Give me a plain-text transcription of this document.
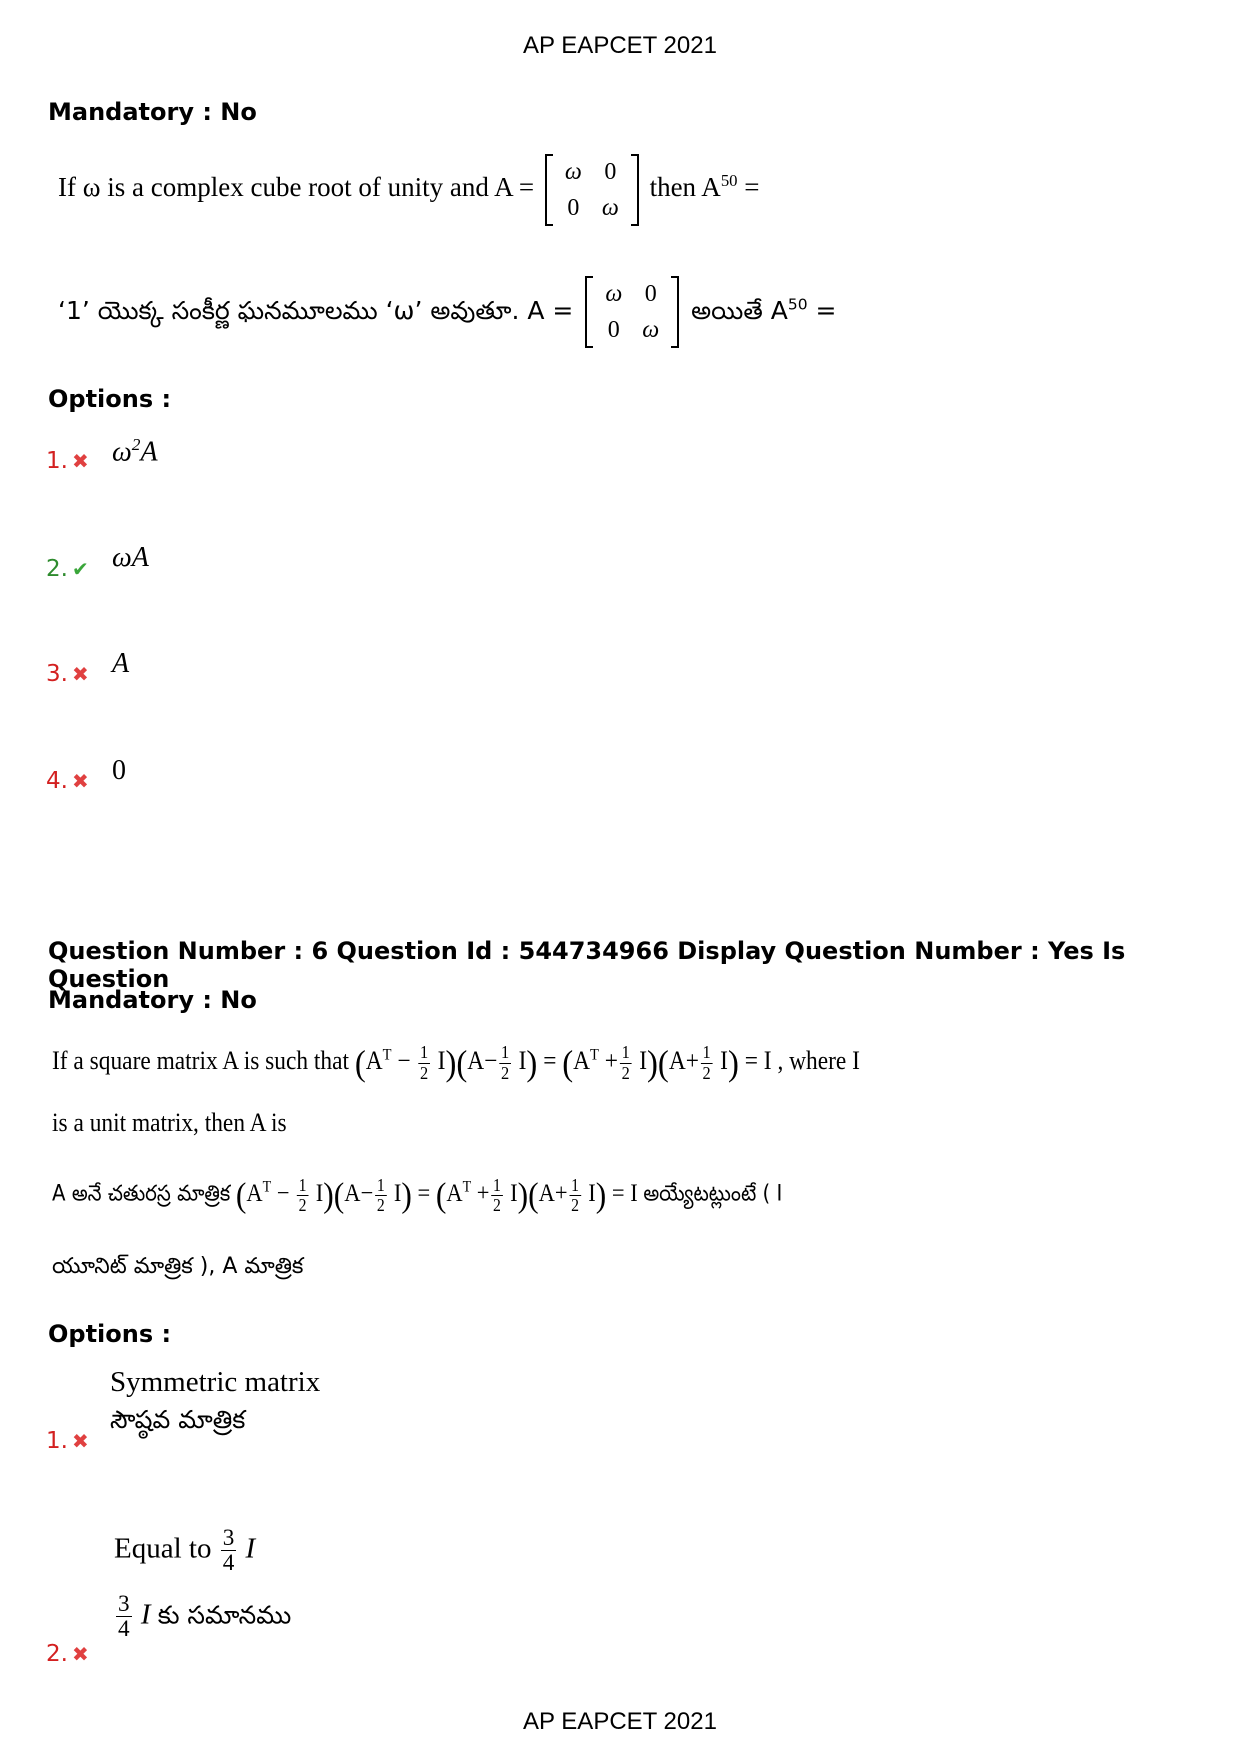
AP EAPCET 2021
Mandatory : No
If ω is a complex cube root of unity and A =
ω	0
0	ω
then $A^{50}$ =
‘1’ యొక్క సంకీర్ణ ఘనమూలము ‘ω’ అవుతూ. A =
ω	0
0	ω
అయితే $A^{50}$ =
Options :
1. ✖ $\omega^2A$
2. ✔ ωA
3. ✖ A
4. ✖ 0
Question Number : 6 Question Id : 544734966 Display Question Number : Yes Is Question
Mandatory : No
If a square matrix A is such that $(A^T - \frac{1}{2} I)(A- \frac{1}{2} I) = (A^T + \frac{1}{2} I)(A+ \frac{1}{2} I) = I$ , where I
is a unit matrix, then A is
A అనే చతురస్ర మాత్రిక $(A^T - \frac{1}{2} I)(A- \frac{1}{2} I) = (A^T + \frac{1}{2} I)(A+ \frac{1}{2} I) = I$ అయ్యేటట్లుంటే ( I
యూనిట్ మాత్రిక ), A మాత్రిక
Options :
Symmetric matrix
సౌష్ఠవ మాత్రిక
1. ✖
Equal to $\frac{3}{4}$ I
$\frac{3}{4}$ I కు సమానము
2. ✖
AP EAPCET 2021
